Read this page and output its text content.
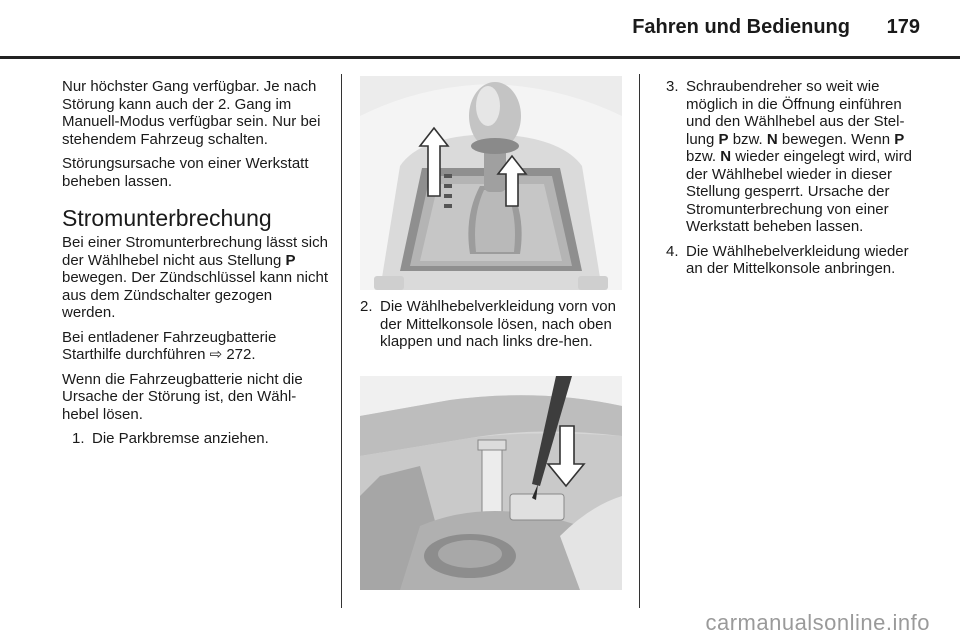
Fahren und Bedienung 179

Nur höchster Gang verfügbar. Je nach Störung kann auch der 2. Gang im Manuell-Modus verfügbar sein. Nur bei stehendem Fahrzeug schalten.

Störungsursache von einer Werkstatt beheben lassen.

Stromunterbrechung

Bei einer Stromunterbrechung lässt sich der Wählhebel nicht aus Stellung P bewegen. Der Zündschlüssel kann nicht aus dem Zündschalter gezogen werden.

Bei entladener Fahrzeugbatterie Starthilfe durchführen ⇨ 272.

Wenn die Fahrzeugbatterie nicht die Ursache der Störung ist, den Wähl-hebel lösen.

1. Die Parkbremse anziehen.
2. Die Wählhebelverkleidung vorn von der Mittelkonsole lösen, nach oben klappen und nach links dre-hen.
3. Schraubendreher so weit wie möglich in die Öffnung einführen und den Wählhebel aus der Stel-lung P bzw. N bewegen. Wenn P bzw. N wieder eingelegt wird, wird der Wählhebel wieder in dieser Stellung gesperrt. Ursache der Stromunterbrechung von einer Werkstatt beheben lassen.
4. Die Wählhebelverkleidung wieder an der Mittelkonsole anbringen.
carmanualsonline.info
